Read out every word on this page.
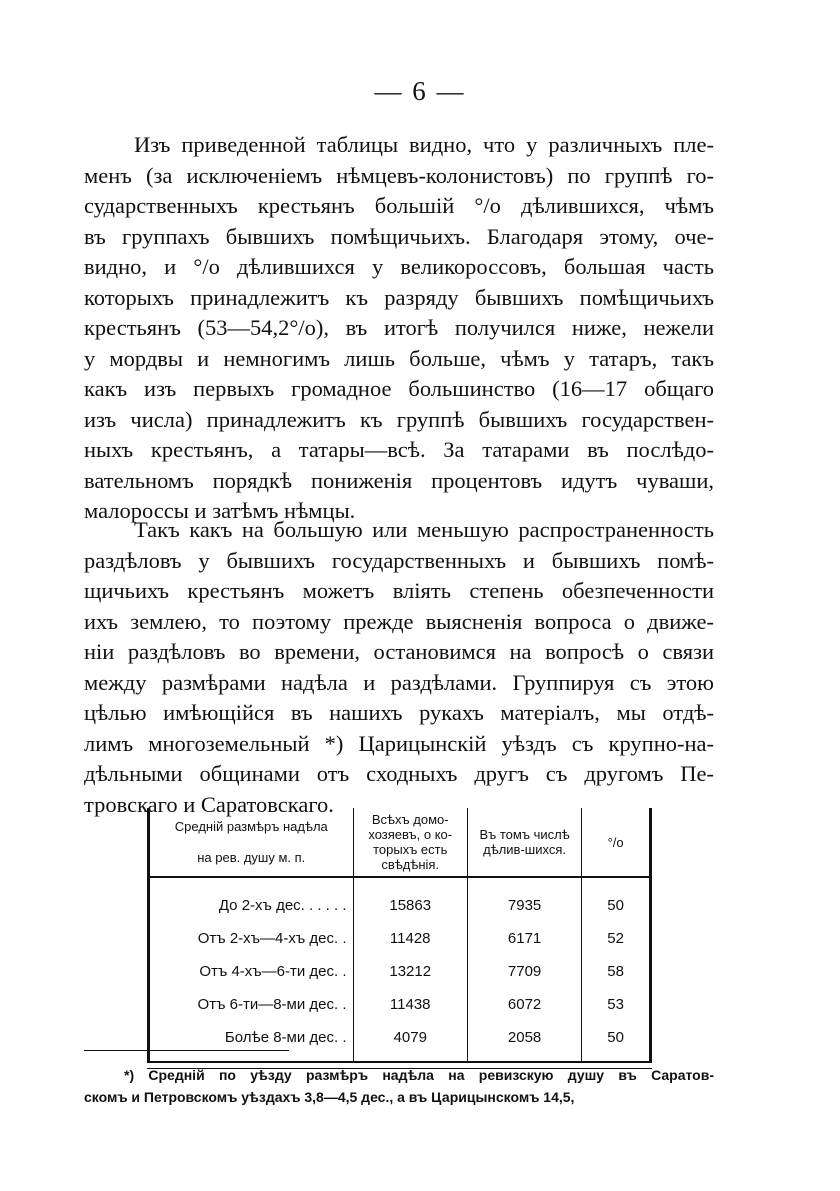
— 6 —
Изъ приведенной таблицы видно, что у различныхъ пле-
менъ (за исключенiемъ нѣмцевъ-колонистовъ) по группѣ го-
сударственныхъ крестьянъ большiй °/о дѣлившихся, чѣмъ
въ группахъ бывшихъ помѣщичьихъ. Благодаря этому, оче-
видно, и °/о дѣлившихся у великороссовъ, большая часть
которыхъ принадлежитъ къ разряду бывшихъ помѣщичьихъ
крестьянъ (53—54,2°/о), въ итогѣ получился ниже, нежели
у мордвы и немногимъ лишь больше, чѣмъ у татаръ, такъ
какъ изъ первыхъ громадное большинство (16—17 общаго
изъ числа) принадлежитъ къ группѣ бывшихъ государствен-
ныхъ крестьянъ, а татары—всѣ. За татарами въ послѣдо-
вательномъ порядкѣ пониженiя процентовъ идутъ чуваши,
малороссы и затѣмъ нѣмцы.
Такъ какъ на большую или меньшую распространенность
раздѣловъ у бывшихъ государственныхъ и бывшихъ помѣ-
щичьихъ крестьянъ можетъ влiять степень обезпеченности
ихъ землею, то поэтому прежде выясненiя вопроса о движе-
нiи раздѣловъ во времени, остановимся на вопросѣ о связи
между размѣрами надѣла и раздѣлами. Группируя съ этою
цѣлью имѣющiйся въ нашихъ рукахъ матерiалъ, мы отдѣ-
лимъ многоземельный *) Царицынскiй уѣздъ съ крупно-на-
дѣльными общинами отъ сходныхъ другъ съ другомъ Пе-
тровскаго и Саратовскаго.
Среднiй размѣръ надѣла
на рев. душу м. п.	Всѣхъ домо-хозяевъ, о ко-торыхъ есть свѣдѣнiя.	Въ томъ числѣ дѣлив-шихся.	°/о
До 2-хъ дес. . . . . .	15863	7935	50
Отъ 2-хъ—4-хъ дес. .	11428	6171	52
Отъ 4-хъ—6-ти дес. .	13212	7709	58
Отъ 6-ти—8-ми дес. .	11438	6072	53
Болѣе 8-ми дес. .	4079	2058	50
*) Среднiй по уѣзду размѣръ надѣла на ревизскую душу въ Саратов-
скомъ и Петровскомъ уѣздахъ 3,8—4,5 дес., а въ Царицынскомъ 14,5,
